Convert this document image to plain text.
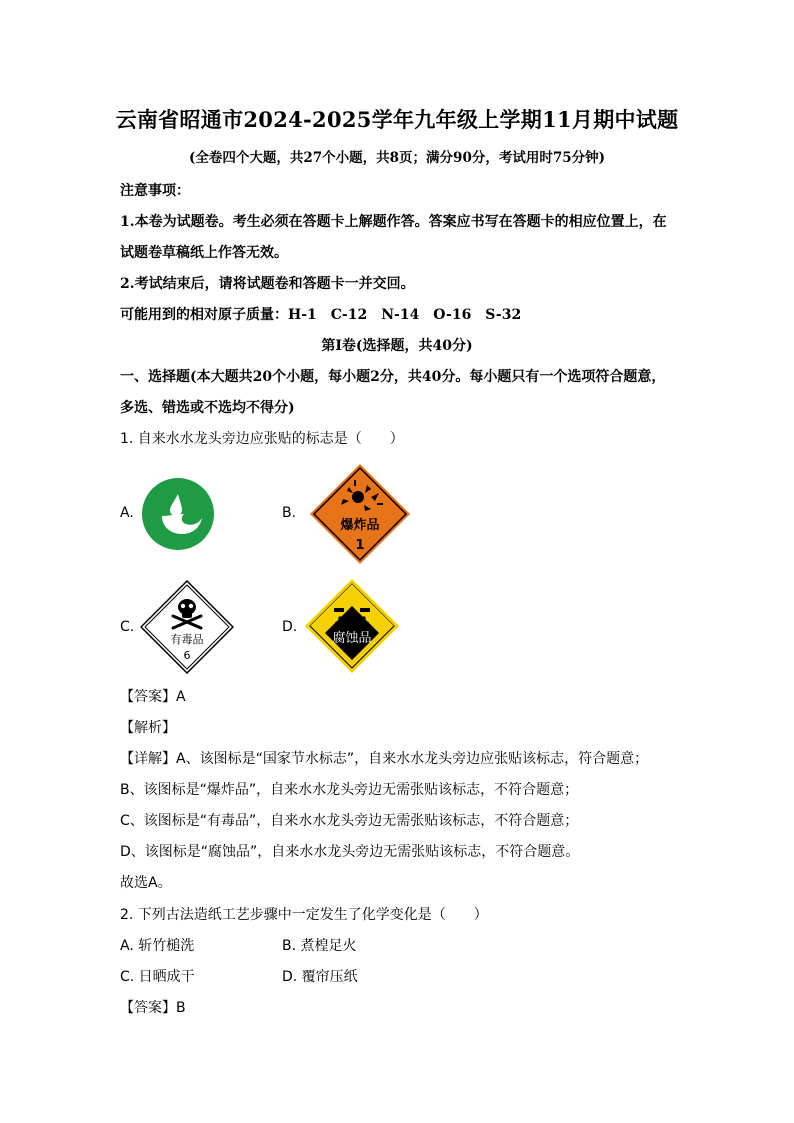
云南省昭通市2024-2025学年九年级上学期11月期中试题
(全卷四个大题，共27个小题，共8页；满分90分，考试用时75分钟)
注意事项：
1.本卷为试题卷。考生必须在答题卡上解题作答。答案应书写在答题卡的相应位置上，在
试题卷草稿纸上作答无效。
2.考试结束后，请将试题卷和答题卡一并交回。
可能用到的相对原子质量：H-1　C-12　N-14　O-16　S-32
第Ⅰ卷(选择题，共40分)
一、选择题(本大题共20个小题，每小题2分，共40分。每小题只有一个选项符合题意，
多选、错选或不选均不得分)
1. 自来水水龙头旁边应张贴的标志是（　　）
A.	B.
爆炸品
1
C.
有毒品
6
D.
腐蚀品
【答案】A
【解析】
【详解】A、该图标是“国家节水标志”，自来水水龙头旁边应张贴该标志，符合题意；
B、该图标是“爆炸品”，自来水水龙头旁边无需张贴该标志，不符合题意；
C、该图标是“有毒品”，自来水水龙头旁边无需张贴该标志，不符合题意；
D、该图标是“腐蚀品”，自来水水龙头旁边无需张贴该标志，不符合题意。
故选A。
2. 下列古法造纸工艺步骤中一定发生了化学变化是（　　）
A. 斩竹槌洗	B. 煮楻足火
C. 日晒成干	D. 覆帘压纸
【答案】B
